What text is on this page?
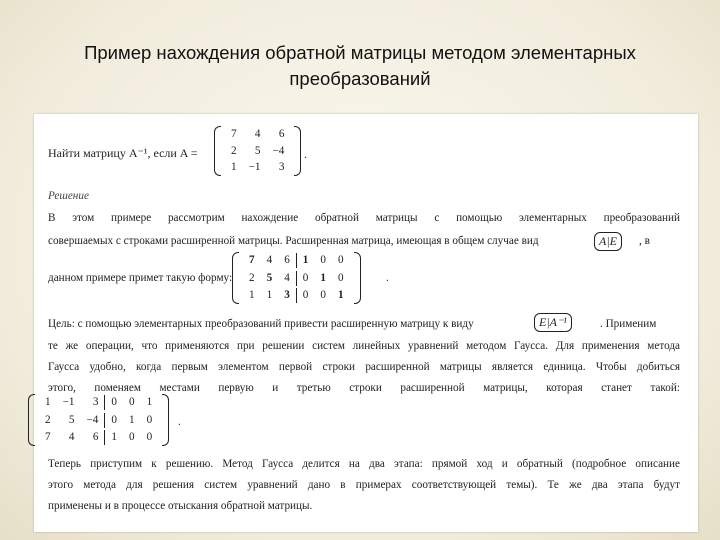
Пример нахождения обратной матрицы методом элементарных
преобразований
Найти матрицу A⁻¹, если A =
7	4	6
2	5	−4
1	−1	3
.
Решение
В этом примере рассмотрим нахождение обратной матрицы с помощью элементарных преобразований
совершаемых с строками расширенной матрицы. Расширенная матрица, имеющая в общем случае вид	A|E	, в
данном примере примет такую форму:
7	4	6	1	0	0
2	5	4	0	1	0
1	1	3	0	0	1
.
Цель: с помощью элементарных преобразований привести расширенную матрицу к виду	E|A⁻¹	. Применим
те же операции, что применяются при решении систем линейных уравнений методом Гаусса. Для применения метода
Гаусса удобно, когда первым элементом первой строки расширенной матрицы является единица. Чтобы добиться
этого, поменяем местами первую и третью строки расширенной матрицы, которая станет такой:
1	−1	3	0	0	1
2	5	−4	0	1	0
7	4	6	1	0	0
.
Теперь приступим к решению. Метод Гаусса делится на два этапа: прямой ход и обратный (подробное описание
этого метода для решения систем уравнений дано в примерах соответствующей темы). Те же два этапа будут
применены и в процессе отыскания обратной матрицы.
